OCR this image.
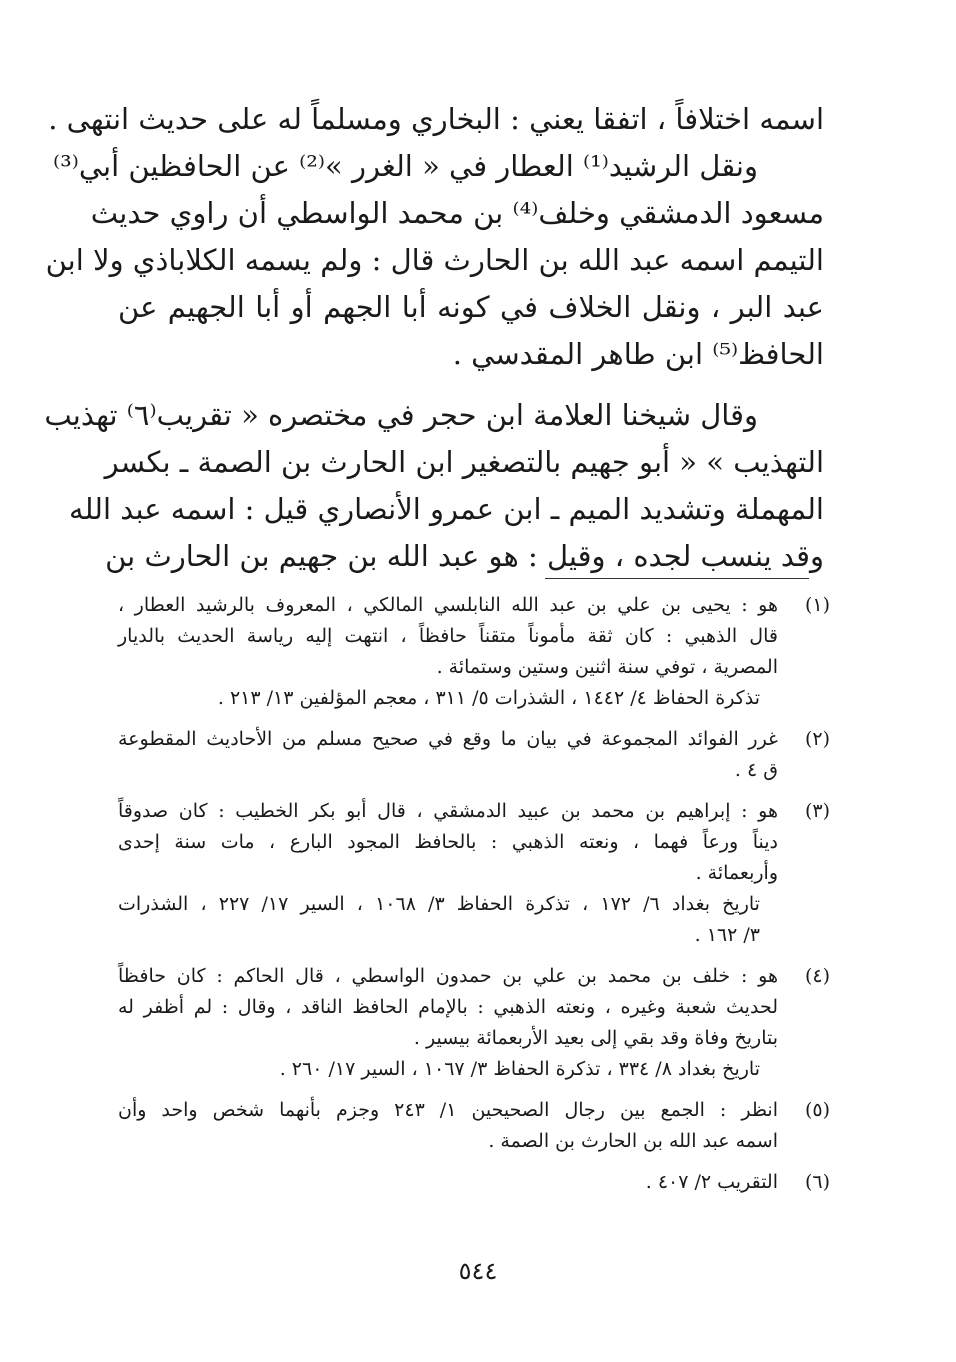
اسمه اختلافاً ، اتفقا يعني : البخاري ومسلماً له على حديث انتهى .
ونقل الرشيد⁽¹⁾ العطار في « الغرر »⁽²⁾ عن الحافظين أبي⁽³⁾
مسعود الدمشقي وخلف⁽⁴⁾ بن محمد الواسطي أن راوي حديث
التيمم اسمه عبد الله بن الحارث قال : ولم يسمه الكلاباذي ولا ابن
عبد البر ، ونقل الخلاف في كونه أبا الجهم أو أبا الجهيم عن
الحافظ⁽⁵⁾ ابن طاهر المقدسي .
وقال شيخنا العلامة ابن حجر في مختصره « تقريب⁽٦⁾ تهذيب
التهذيب » « أبو جهيم بالتصغير ابن الحارث بن الصمة ـ بكسر
المهملة وتشديد الميم ـ ابن عمرو الأنصاري قيل : اسمه عبد الله
وقد ينسب لجده ، وقيل : هو عبد الله بن جهيم بن الحارث بن
(١)
هو : يحيى بن علي بن عبد الله النابلسي المالكي ، المعروف بالرشيد العطار ،
قال الذهبي : كان ثقة مأموناً متقناً حافظاً ، انتهت إليه رياسة الحديث بالديار
المصرية ، توفي سنة اثنين وستين وستمائة .
تذكرة الحفاظ ٤/ ١٤٤٢ ، الشذرات ٥/ ٣١١ ، معجم المؤلفين ١٣/ ٢١٣ .
(٢)
غرر الفوائد المجموعة في بيان ما وقع في صحيح مسلم من الأحاديث المقطوعة
ق ٤ .
(٣)
هو : إبراهيم بن محمد بن عبيد الدمشقي ، قال أبو بكر الخطيب : كان صدوقاً
ديناً ورعاً فهما ، ونعته الذهبي : بالحافظ المجود البارع ، مات سنة إحدى
وأربعمائة .
تاريخ بغداد ٦/ ١٧٢ ، تذكرة الحفاظ ٣/ ١٠٦٨ ، السير ١٧/ ٢٢٧ ، الشذرات
٣/ ١٦٢ .
(٤)
هو : خلف بن محمد بن علي بن حمدون الواسطي ، قال الحاكم : كان حافظاً
لحديث شعبة وغيره ، ونعته الذهبي : بالإمام الحافظ الناقد ، وقال : لم أظفر له
بتاريخ وفاة وقد بقي إلى بعيد الأربعمائة بيسير .
تاريخ بغداد ٨/ ٣٣٤ ، تذكرة الحفاظ ٣/ ١٠٦٧ ، السير ١٧/ ٢٦٠ .
(٥)
انظر : الجمع بين رجال الصحيحين ١/ ٢٤٣ وجزم بأنهما شخص واحد وأن
اسمه عبد الله بن الحارث بن الصمة .
(٦)
التقريب ٢/ ٤٠٧ .
٥٤٤
